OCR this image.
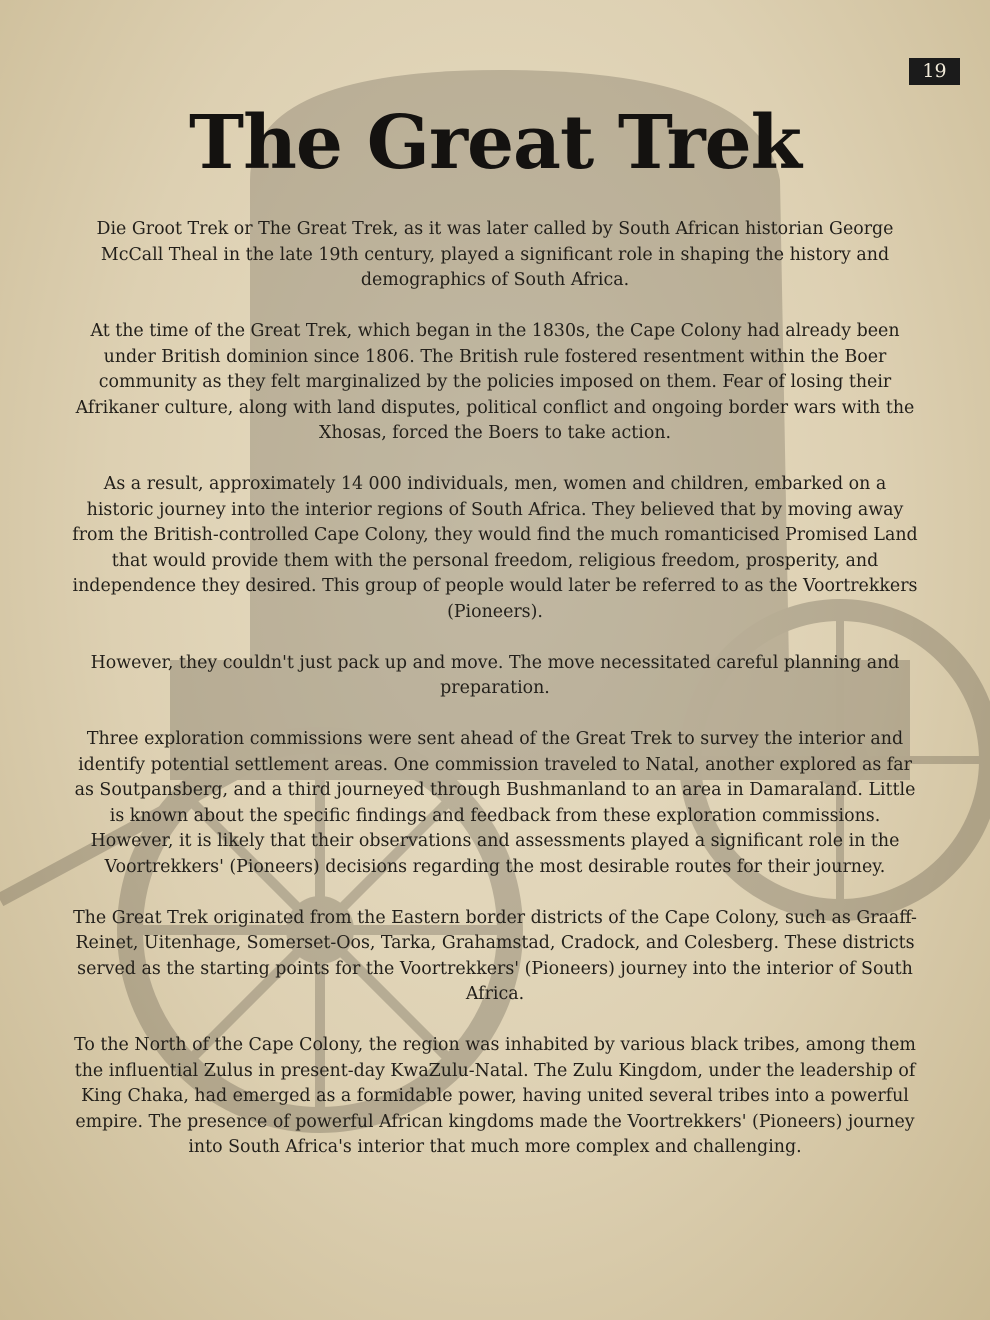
19
The Great Trek

Die Groot Trek or The Great Trek, as it was later called by South African historian George McCall Theal in the late 19th century, played a significant role in shaping the history and demographics of South Africa.

At the time of the Great Trek, which began in the 1830s, the Cape Colony had already been under British dominion since 1806. The British rule fostered resentment within the Boer community as they felt marginalized by the policies imposed on them. Fear of losing their Afrikaner culture, along with land disputes, political conflict and ongoing border wars with the Xhosas, forced the Boers to take action.

As a result, approximately 14 000 individuals, men, women and children, embarked on a historic journey into the interior regions of South Africa. They believed that by moving away from the British-controlled Cape Colony, they would find the much romanticised Promised Land that would provide them with the personal freedom, religious freedom, prosperity, and independence they desired. This group of people would later be referred to as the Voortrekkers (Pioneers).

However, they couldn't just pack up and move. The move necessitated careful planning and preparation.

Three exploration commissions were sent ahead of the Great Trek to survey the interior and identify potential settlement areas. One commission traveled to Natal, another explored as far as Soutpansberg, and a third journeyed through Bushmanland to an area in Damaraland. Little is known about the specific findings and feedback from these exploration commissions. However, it is likely that their observations and assessments played a significant role in the Voortrekkers' (Pioneers) decisions regarding the most desirable routes for their journey.

The Great Trek originated from the Eastern border districts of the Cape Colony, such as Graaff-Reinet, Uitenhage, Somerset-Oos, Tarka, Grahamstad, Cradock, and Colesberg. These districts served as the starting points for the Voortrekkers' (Pioneers) journey into the interior of South Africa.

To the North of the Cape Colony, the region was inhabited by various black tribes, among them the influential Zulus in present-day KwaZulu-Natal. The Zulu Kingdom, under the leadership of King Chaka, had emerged as a formidable power, having united several tribes into a powerful empire. The presence of powerful African kingdoms made the Voortrekkers' (Pioneers) journey into South Africa's interior that much more complex and challenging.
